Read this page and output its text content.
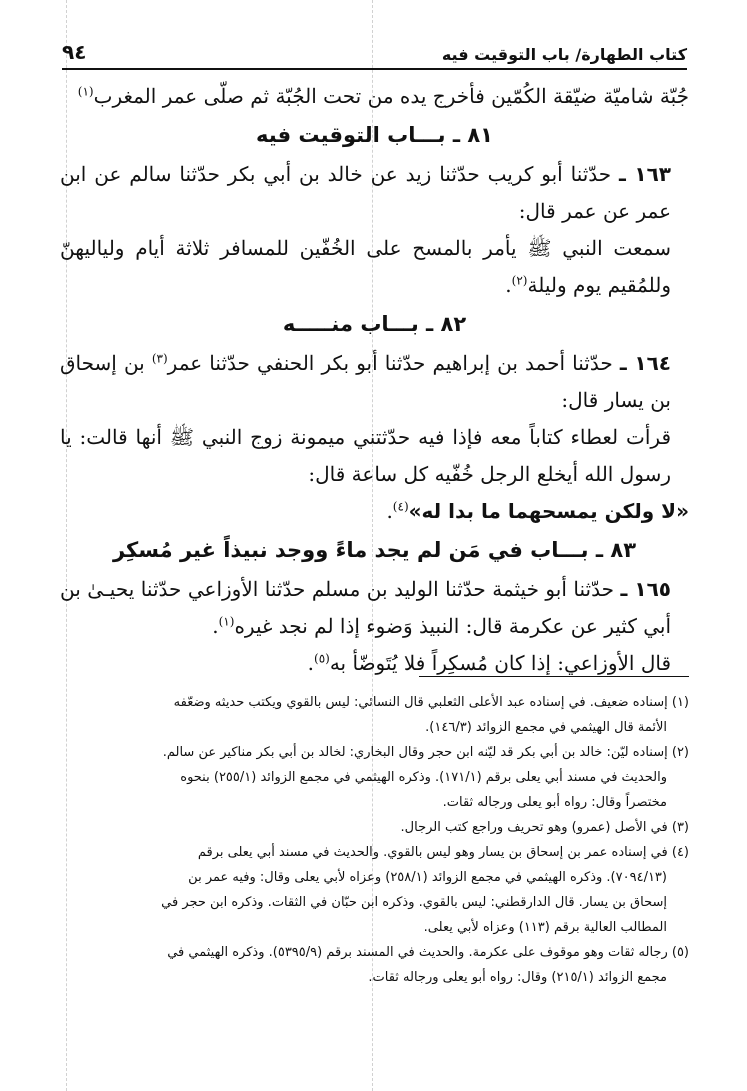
كتاب الطهارة/ باب التوقيت فيه
٩٤

جُبّة شاميّة ضيّقة الكُمّين فأخرج يده من تحت الجُبّة ثم صلّى عمر المغرب$^{(١)}$

٨١ ـ بـــاب التوقيت فيه

١٦٣ ـ حدّثنا أبو كريب حدّثنا زيد عن خالد بن أبي بكر حدّثنا سالم عن ابن عمر عن عمر قال:

سمعت النبي ﷺ يأمر بالمسح على الخُفّين للمسافر ثلاثة أيام ولياليهنّ وللمُقيم يوم وليلة$^{(٢)}$.

٨٢ ـ بـــاب منـــــه

١٦٤ ـ حدّثنا أحمد بن إبراهيم حدّثنا أبو بكر الحنفي حدّثنا عمر$^{(٣)}$ بن إسحاق بن يسار قال:

قرأت لعطاء كتاباً معه فإذا فيه حدّثتني ميمونة زوج النبي ﷺ أنها قالت: يا رسول الله أيخلع الرجل خُفّيه كل ساعة قال:

«لا ولكن يمسحهما ما بدا له»$^{(٤)}$.

٨٣ ـ بـــاب في مَن لم يجد ماءً ووجد نبيذاً غير مُسكِر

١٦٥ ـ حدّثنا أبو خيثمة حدّثنا الوليد بن مسلم حدّثنا الأوزاعي حدّثنا يحيـىٰ بن أبي كثير عن عكرمة قال: النبيذ وَضوء إذا لم نجد غيره$^{(١)}$.

قال الأوزاعي: إذا كان مُسكِراً فلا يُتَوضّأ به$^{(٥)}$.

(١) إسناده ضعيف. في إسناده عبد الأعلى الثعلبي قال النسائي: ليس بالقوي ويكتب حديثه وضعّفه
الأئمة قال الهيثمي في مجمع الزوائد (١٤٦/٣).

(٢) إسناده ليّن: خالد بن أبي بكر قد ليّنه ابن حجر وقال البخاري: لخالد بن أبي بكر مناكير عن سالم.
والحديث في مسند أبي يعلى برقم (١٧١/١). وذكره الهيثمي في مجمع الزوائد (٢٥٥/١) بنحوه
مختصراً وقال: رواه أبو يعلى ورجاله ثقات.

(٣) في الأصل (عمرو) وهو تحريف وراجع كتب الرجال.

(٤) في إسناده عمر بن إسحاق بن يسار وهو ليس بالقوي. والحديث في مسند أبي يعلى برقم
(٧٠٩٤/١٣). وذكره الهيثمي في مجمع الزوائد (٢٥٨/١) وعزاه لأبي يعلى وقال: وفيه عمر بن
إسحاق بن يسار. قال الدارقطني: ليس بالقوي. وذكره ابن حبّان في الثقات. وذكره ابن حجر في
المطالب العالية برقم (١١٣) وعزاه لأبي يعلى.

(٥) رجاله ثقات وهو موقوف على عكرمة. والحديث في المسند برقم (٥٣٩٥/٩). وذكره الهيثمي في
مجمع الزوائد (٢١٥/١) وقال: رواه أبو يعلى ورجاله ثقات.
